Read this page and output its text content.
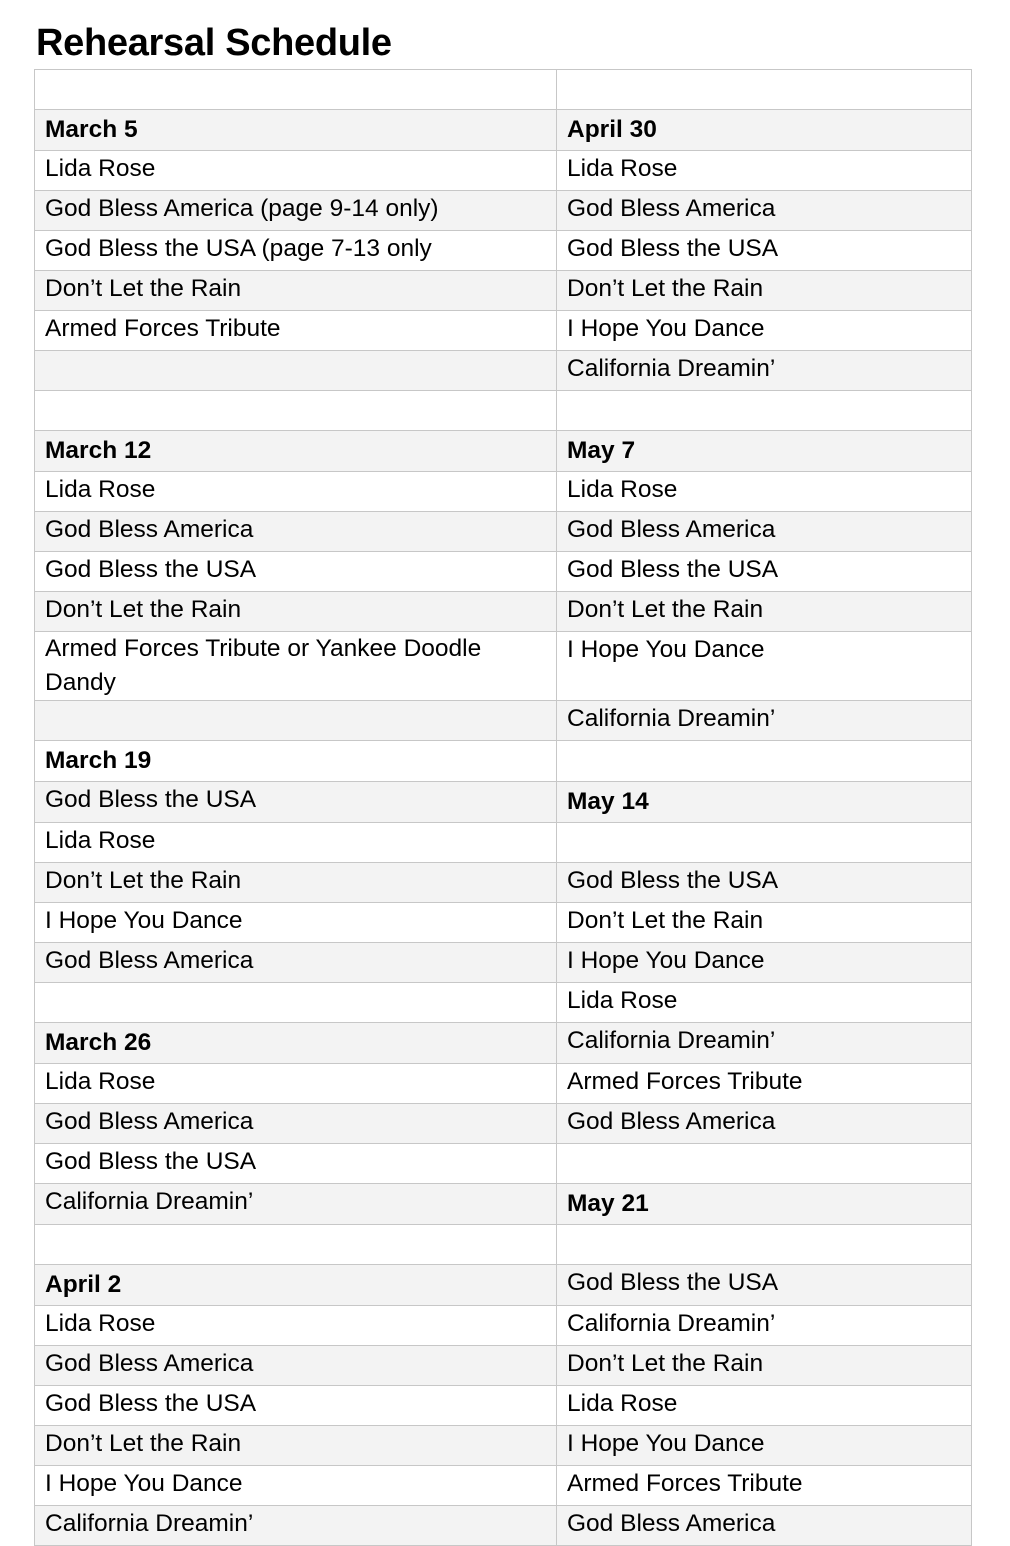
Rehearsal Schedule

March 5	April 30
Lida Rose	Lida Rose
God Bless America (page 9-14 only)	God Bless America
God Bless the USA (page 7-13 only	God Bless the USA
Don’t Let the Rain	Don’t Let the Rain
Armed Forces Tribute	I Hope You Dance
	California Dreamin’

March 12	May 7
Lida Rose	Lida Rose
God Bless America	God Bless America
God Bless the USA	God Bless the USA
Don’t Let the Rain	Don’t Let the Rain
Armed Forces Tribute or Yankee Doodle Dandy	I Hope You Dance
	California Dreamin’
March 19	
God Bless the USA	May 14
Lida Rose	
Don’t Let the Rain	God Bless the USA
I Hope You Dance	Don’t Let the Rain
God Bless America	I Hope You Dance
	Lida Rose
March 26	California Dreamin’
Lida Rose	Armed Forces Tribute
God Bless America	God Bless America
God Bless the USA	
California Dreamin’	May 21

April 2	God Bless the USA
Lida Rose	California Dreamin’
God Bless America	Don’t Let the Rain
God Bless the USA	Lida Rose
Don’t Let the Rain	I Hope You Dance
I Hope You Dance	Armed Forces Tribute
California Dreamin’	God Bless America
